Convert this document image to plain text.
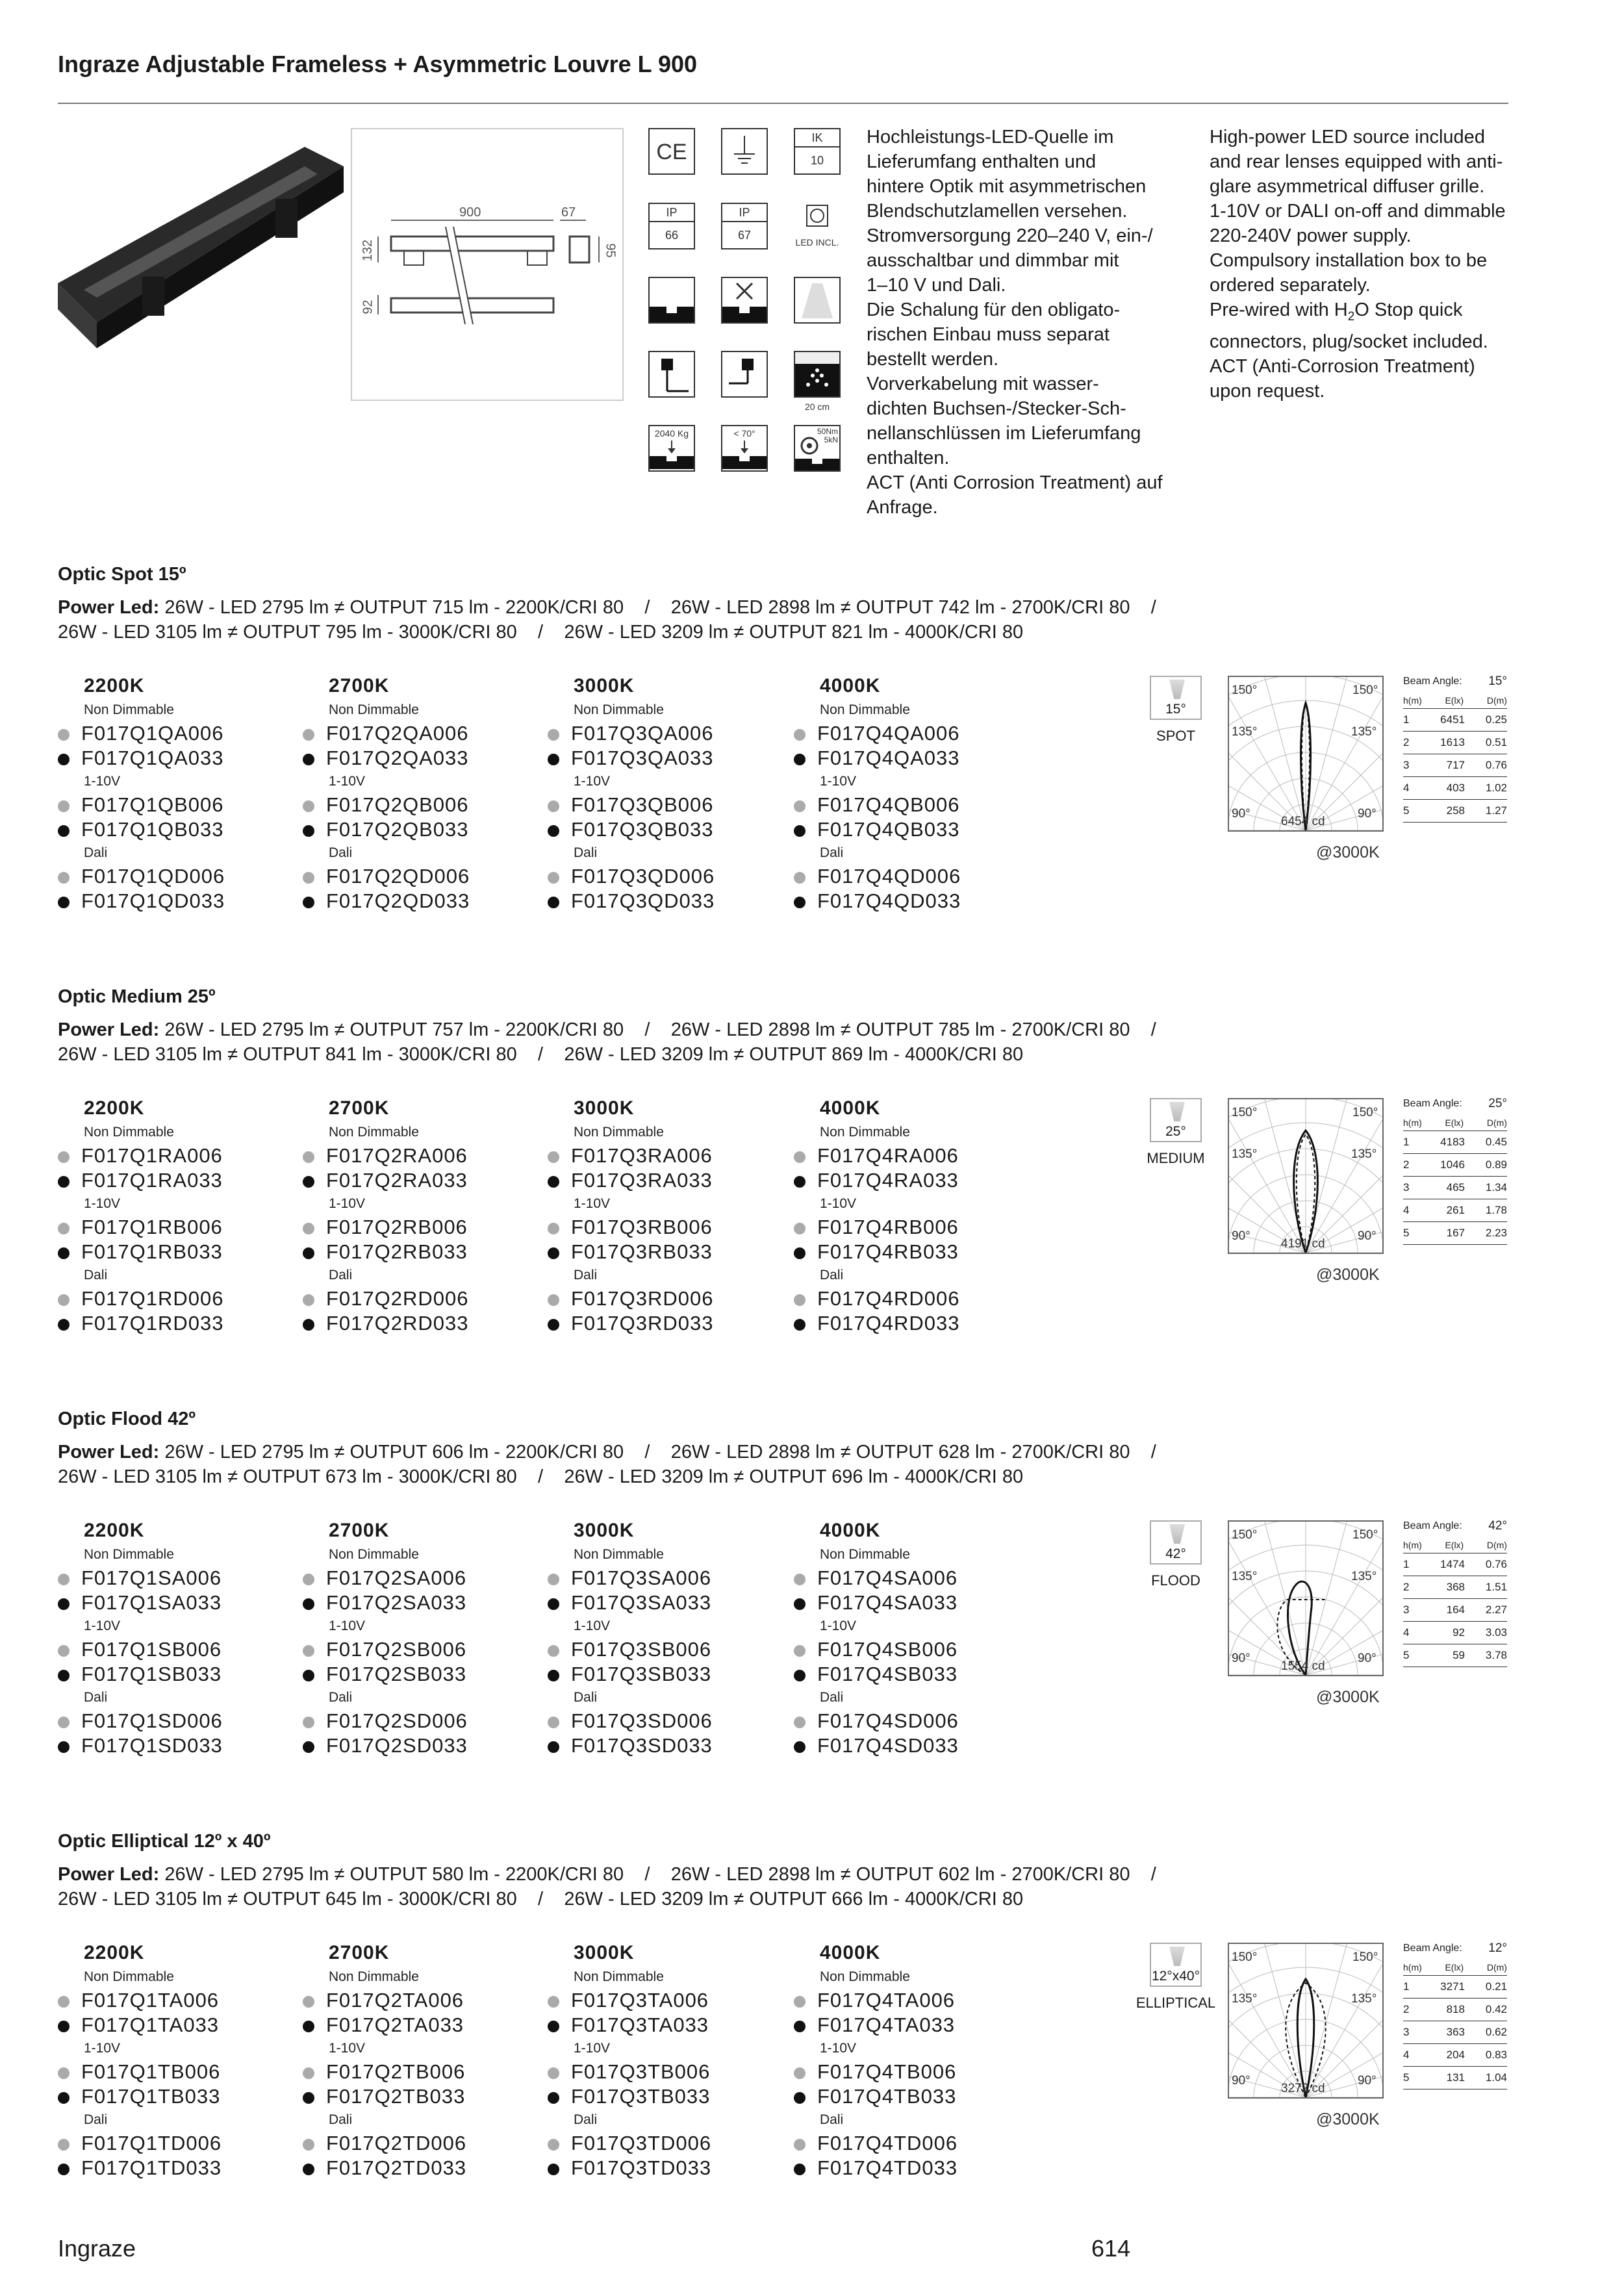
Ingraze Adjustable Frameless + Asymmetric Louvre L 900
900	67
132
92
95
CE
IK
10
IP
66
IP
67
LED INCL.
20 cm
2040 Kg	< 70°	50Nm
5kN
Hochleistungs-LED-Quelle im
Lieferumfang enthalten und
hintere Optik mit asymmetrischen
Blendschutzlamellen versehen.
Stromversorgung 220–240 V, ein-/
ausschaltbar und dimmbar mit
1–10 V und Dali.
Die Schalung für den obligato-
rischen Einbau muss separat
bestellt werden.
Vorverkabelung mit wasser-
dichten Buchsen-/Stecker-Sch-
nellanschlüssen im Lieferumfang
enthalten.
ACT (Anti Corrosion Treatment) auf
Anfrage.
High-power LED source included
and rear lenses equipped with anti-
glare asymmetrical diffuser grille.
1-10V or DALI on-off and dimmable
220-240V power supply.
Compulsory installation box to be
ordered separately.
Pre-wired with $H_2O$ Stop quick
connectors, plug/socket included.
ACT (Anti-Corrosion Treatment)
upon request.
Optic Spot 15º
Power Led: 26W - LED 2795 lm ≠ OUTPUT 715 lm - 2200K/CRI 80    /    26W - LED 2898 lm ≠ OUTPUT 742 lm - 2700K/CRI 80    /
26W - LED 3105 lm ≠ OUTPUT 795 lm - 3000K/CRI 80    /    26W - LED 3209 lm ≠ OUTPUT 821 lm - 4000K/CRI 80
2200K
Non Dimmable
F017Q1QA006
F017Q1QA033
1-10V
F017Q1QB006
F017Q1QB033
Dali
F017Q1QD006
F017Q1QD033
2700K
Non Dimmable
F017Q2QA006
F017Q2QA033
1-10V
F017Q2QB006
F017Q2QB033
Dali
F017Q2QD006
F017Q2QD033
3000K
Non Dimmable
F017Q3QA006
F017Q3QA033
1-10V
F017Q3QB006
F017Q3QB033
Dali
F017Q3QD006
F017Q3QD033
4000K
Non Dimmable
F017Q4QA006
F017Q4QA033
1-10V
F017Q4QB006
F017Q4QB033
Dali
F017Q4QD006
F017Q4QD033
15°
SPOT
150°	150°
135°	135°
90°	90°
6454 cd
@3000K
15°
Beam Angle:
h(m)	E(lx)	D(m)
1	6451	0.25
2	1613	0.51
3	717	0.76
4	403	1.02
5	258	1.27
Optic Medium 25º
Power Led: 26W - LED 2795 lm ≠ OUTPUT 757 lm - 2200K/CRI 80    /    26W - LED 2898 lm ≠ OUTPUT 785 lm - 2700K/CRI 80    /
26W - LED 3105 lm ≠ OUTPUT 841 lm - 3000K/CRI 80    /    26W - LED 3209 lm ≠ OUTPUT 869 lm - 4000K/CRI 80
2200K
Non Dimmable
F017Q1RA006
F017Q1RA033
1-10V
F017Q1RB006
F017Q1RB033
Dali
F017Q1RD006
F017Q1RD033
2700K
Non Dimmable
F017Q2RA006
F017Q2RA033
1-10V
F017Q2RB006
F017Q2RB033
Dali
F017Q2RD006
F017Q2RD033
3000K
Non Dimmable
F017Q3RA006
F017Q3RA033
1-10V
F017Q3RB006
F017Q3RB033
Dali
F017Q3RD006
F017Q3RD033
4000K
Non Dimmable
F017Q4RA006
F017Q4RA033
1-10V
F017Q4RB006
F017Q4RB033
Dali
F017Q4RD006
F017Q4RD033
25°
MEDIUM
150°	150°
135°	135°
90°	90°
4191 cd
@3000K
25°
Beam Angle:
h(m)	E(lx)	D(m)
1	4183	0.45
2	1046	0.89
3	465	1.34
4	261	1.78
5	167	2.23
Optic Flood 42º
Power Led: 26W - LED 2795 lm ≠ OUTPUT 606 lm - 2200K/CRI 80    /    26W - LED 2898 lm ≠ OUTPUT 628 lm - 2700K/CRI 80    /
26W - LED 3105 lm ≠ OUTPUT 673 lm - 3000K/CRI 80    /    26W - LED 3209 lm ≠ OUTPUT 696 lm - 4000K/CRI 80
2200K
Non Dimmable
F017Q1SA006
F017Q1SA033
1-10V
F017Q1SB006
F017Q1SB033
Dali
F017Q1SD006
F017Q1SD033
2700K
Non Dimmable
F017Q2SA006
F017Q2SA033
1-10V
F017Q2SB006
F017Q2SB033
Dali
F017Q2SD006
F017Q2SD033
3000K
Non Dimmable
F017Q3SA006
F017Q3SA033
1-10V
F017Q3SB006
F017Q3SB033
Dali
F017Q3SD006
F017Q3SD033
4000K
Non Dimmable
F017Q4SA006
F017Q4SA033
1-10V
F017Q4SB006
F017Q4SB033
Dali
F017Q4SD006
F017Q4SD033
42°
FLOOD
150°	150°
135°	135°
90°	90°
1554 cd
@3000K
42°
Beam Angle:
h(m)	E(lx)	D(m)
1	1474	0.76
2	368	1.51
3	164	2.27
4	92	3.03
5	59	3.78
Optic Elliptical 12º x 40º
Power Led: 26W - LED 2795 lm ≠ OUTPUT 580 lm - 2200K/CRI 80    /    26W - LED 2898 lm ≠ OUTPUT 602 lm - 2700K/CRI 80    /
26W - LED 3105 lm ≠ OUTPUT 645 lm - 3000K/CRI 80    /    26W - LED 3209 lm ≠ OUTPUT 666 lm - 4000K/CRI 80
2200K
Non Dimmable
F017Q1TA006
F017Q1TA033
1-10V
F017Q1TB006
F017Q1TB033
Dali
F017Q1TD006
F017Q1TD033
2700K
Non Dimmable
F017Q2TA006
F017Q2TA033
1-10V
F017Q2TB006
F017Q2TB033
Dali
F017Q2TD006
F017Q2TD033
3000K
Non Dimmable
F017Q3TA006
F017Q3TA033
1-10V
F017Q3TB006
F017Q3TB033
Dali
F017Q3TD006
F017Q3TD033
4000K
Non Dimmable
F017Q4TA006
F017Q4TA033
1-10V
F017Q4TB006
F017Q4TB033
Dali
F017Q4TD006
F017Q4TD033
12°x40°
ELLIPTICAL
150°	150°
135°	135°
90°	90°
3272 cd
@3000K
12°
Beam Angle:
h(m)	E(lx)	D(m)
1	3271	0.21
2	818	0.42
3	363	0.62
4	204	0.83
5	131	1.04
Ingraze	614
